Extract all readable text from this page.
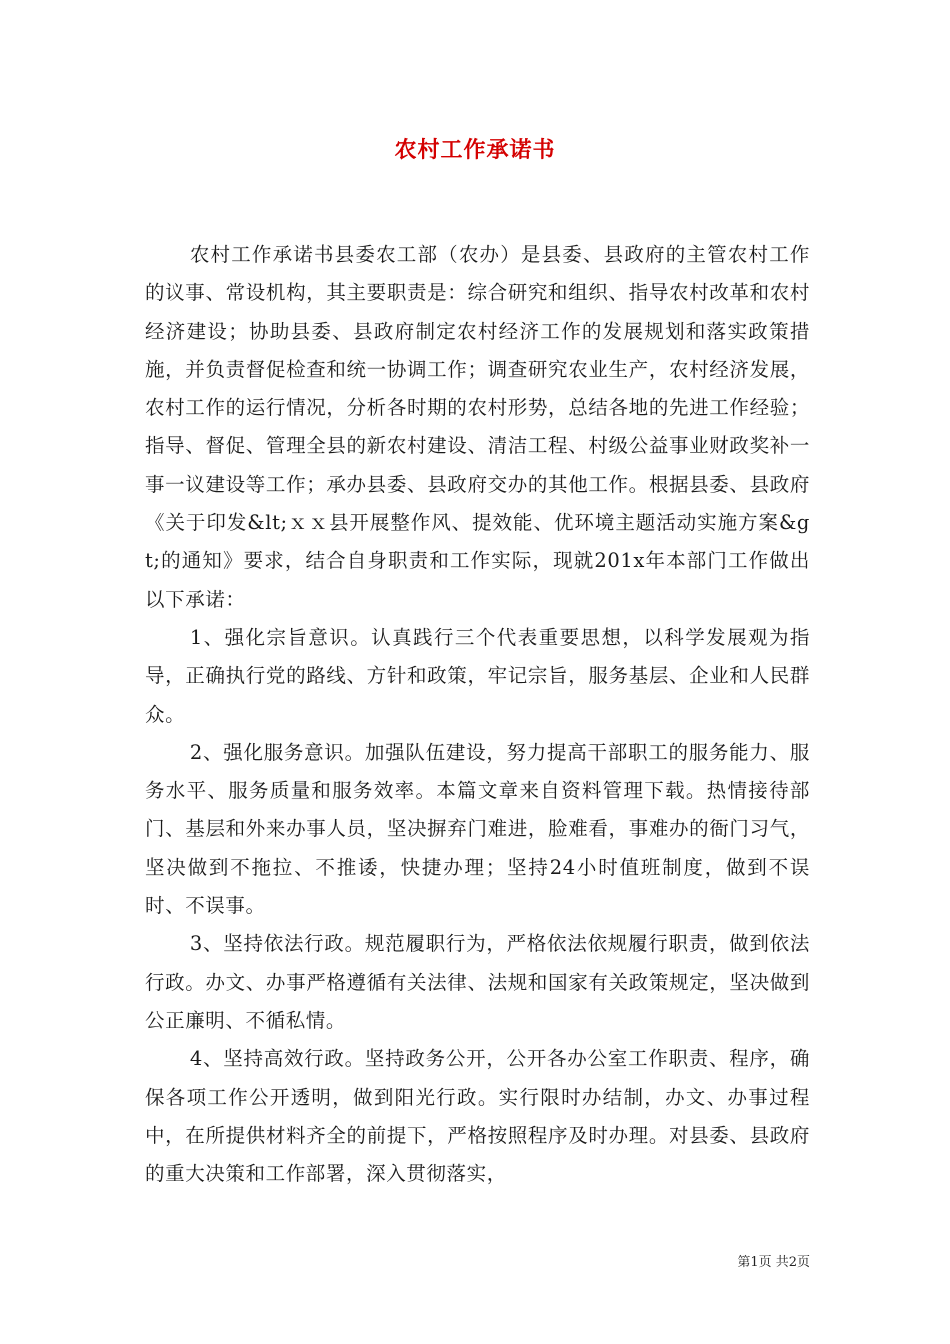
农村工作承诺书

农村工作承诺书县委农工部（农办）是县委、县政府的主管农村工作的议事、常设机构，其主要职责是：综合研究和组织、指导农村改革和农村经济建设；协助县委、县政府制定农村经济工作的发展规划和落实政策措施，并负责督促检查和统一协调工作；调查研究农业生产，农村经济发展，农村工作的运行情况，分析各时期的农村形势，总结各地的先进工作经验；指导、督促、管理全县的新农村建设、清洁工程、村级公益事业财政奖补一事一议建设等工作；承办县委、县政府交办的其他工作。根据县委、县政府《关于印发&lt;ｘｘ县开展整作风、提效能、优环境主题活动实施方案&gt;的通知》要求，结合自身职责和工作实际，现就201x年本部门工作做出以下承诺：

1、强化宗旨意识。认真践行三个代表重要思想，以科学发展观为指导，正确执行党的路线、方针和政策，牢记宗旨，服务基层、企业和人民群众。

2、强化服务意识。加强队伍建设，努力提高干部职工的服务能力、服务水平、服务质量和服务效率。本篇文章来自资料管理下载。热情接待部门、基层和外来办事人员，坚决摒弃门难进，脸难看，事难办的衙门习气，坚决做到不拖拉、不推诿，快捷办理；坚持24小时值班制度，做到不误时、不误事。

3、坚持依法行政。规范履职行为，严格依法依规履行职责，做到依法行政。办文、办事严格遵循有关法律、法规和国家有关政策规定，坚决做到公正廉明、不循私情。

4、坚持高效行政。坚持政务公开，公开各办公室工作职责、程序，确保各项工作公开透明，做到阳光行政。实行限时办结制，办文、办事过程中，在所提供材料齐全的前提下，严格按照程序及时办理。对县委、县政府的重大决策和工作部署，深入贯彻落实，

第1页 共2页
